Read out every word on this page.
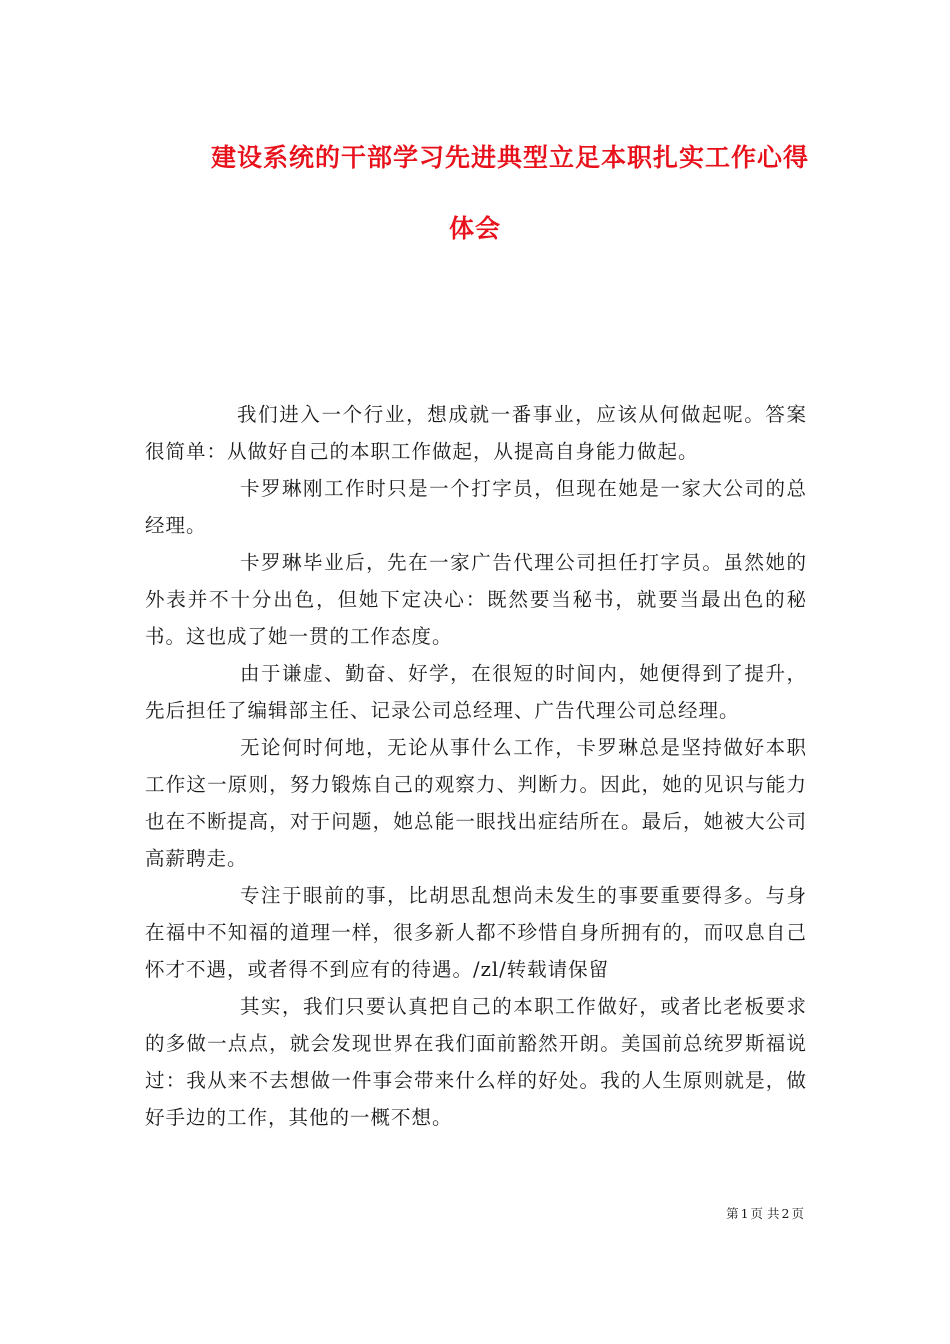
建设系统的干部学习先进典型立足本职扎实工作心得
体会

我们进入一个行业，想成就一番事业，应该从何做起呢。答案很简单：从做好自己的本职工作做起，从提高自身能力做起。

卡罗琳刚工作时只是一个打字员，但现在她是一家大公司的总经理。

卡罗琳毕业后，先在一家广告代理公司担任打字员。虽然她的外表并不十分出色，但她下定决心：既然要当秘书，就要当最出色的秘书。这也成了她一贯的工作态度。

由于谦虚、勤奋、好学，在很短的时间内，她便得到了提升，先后担任了编辑部主任、记录公司总经理、广告代理公司总经理。

无论何时何地，无论从事什么工作，卡罗琳总是坚持做好本职工作这一原则，努力锻炼自己的观察力、判断力。因此，她的见识与能力也在不断提高，对于问题，她总能一眼找出症结所在。最后，她被大公司高薪聘走。

专注于眼前的事，比胡思乱想尚未发生的事要重要得多。与身在福中不知福的道理一样，很多新人都不珍惜自身所拥有的，而叹息自己怀才不遇，或者得不到应有的待遇。/zl/转载请保留

其实，我们只要认真把自己的本职工作做好，或者比老板要求的多做一点点，就会发现世界在我们面前豁然开朗。美国前总统罗斯福说过：我从来不去想做一件事会带来什么样的好处。我的人生原则就是，做好手边的工作，其他的一概不想。

第 1 页 共 2 页
